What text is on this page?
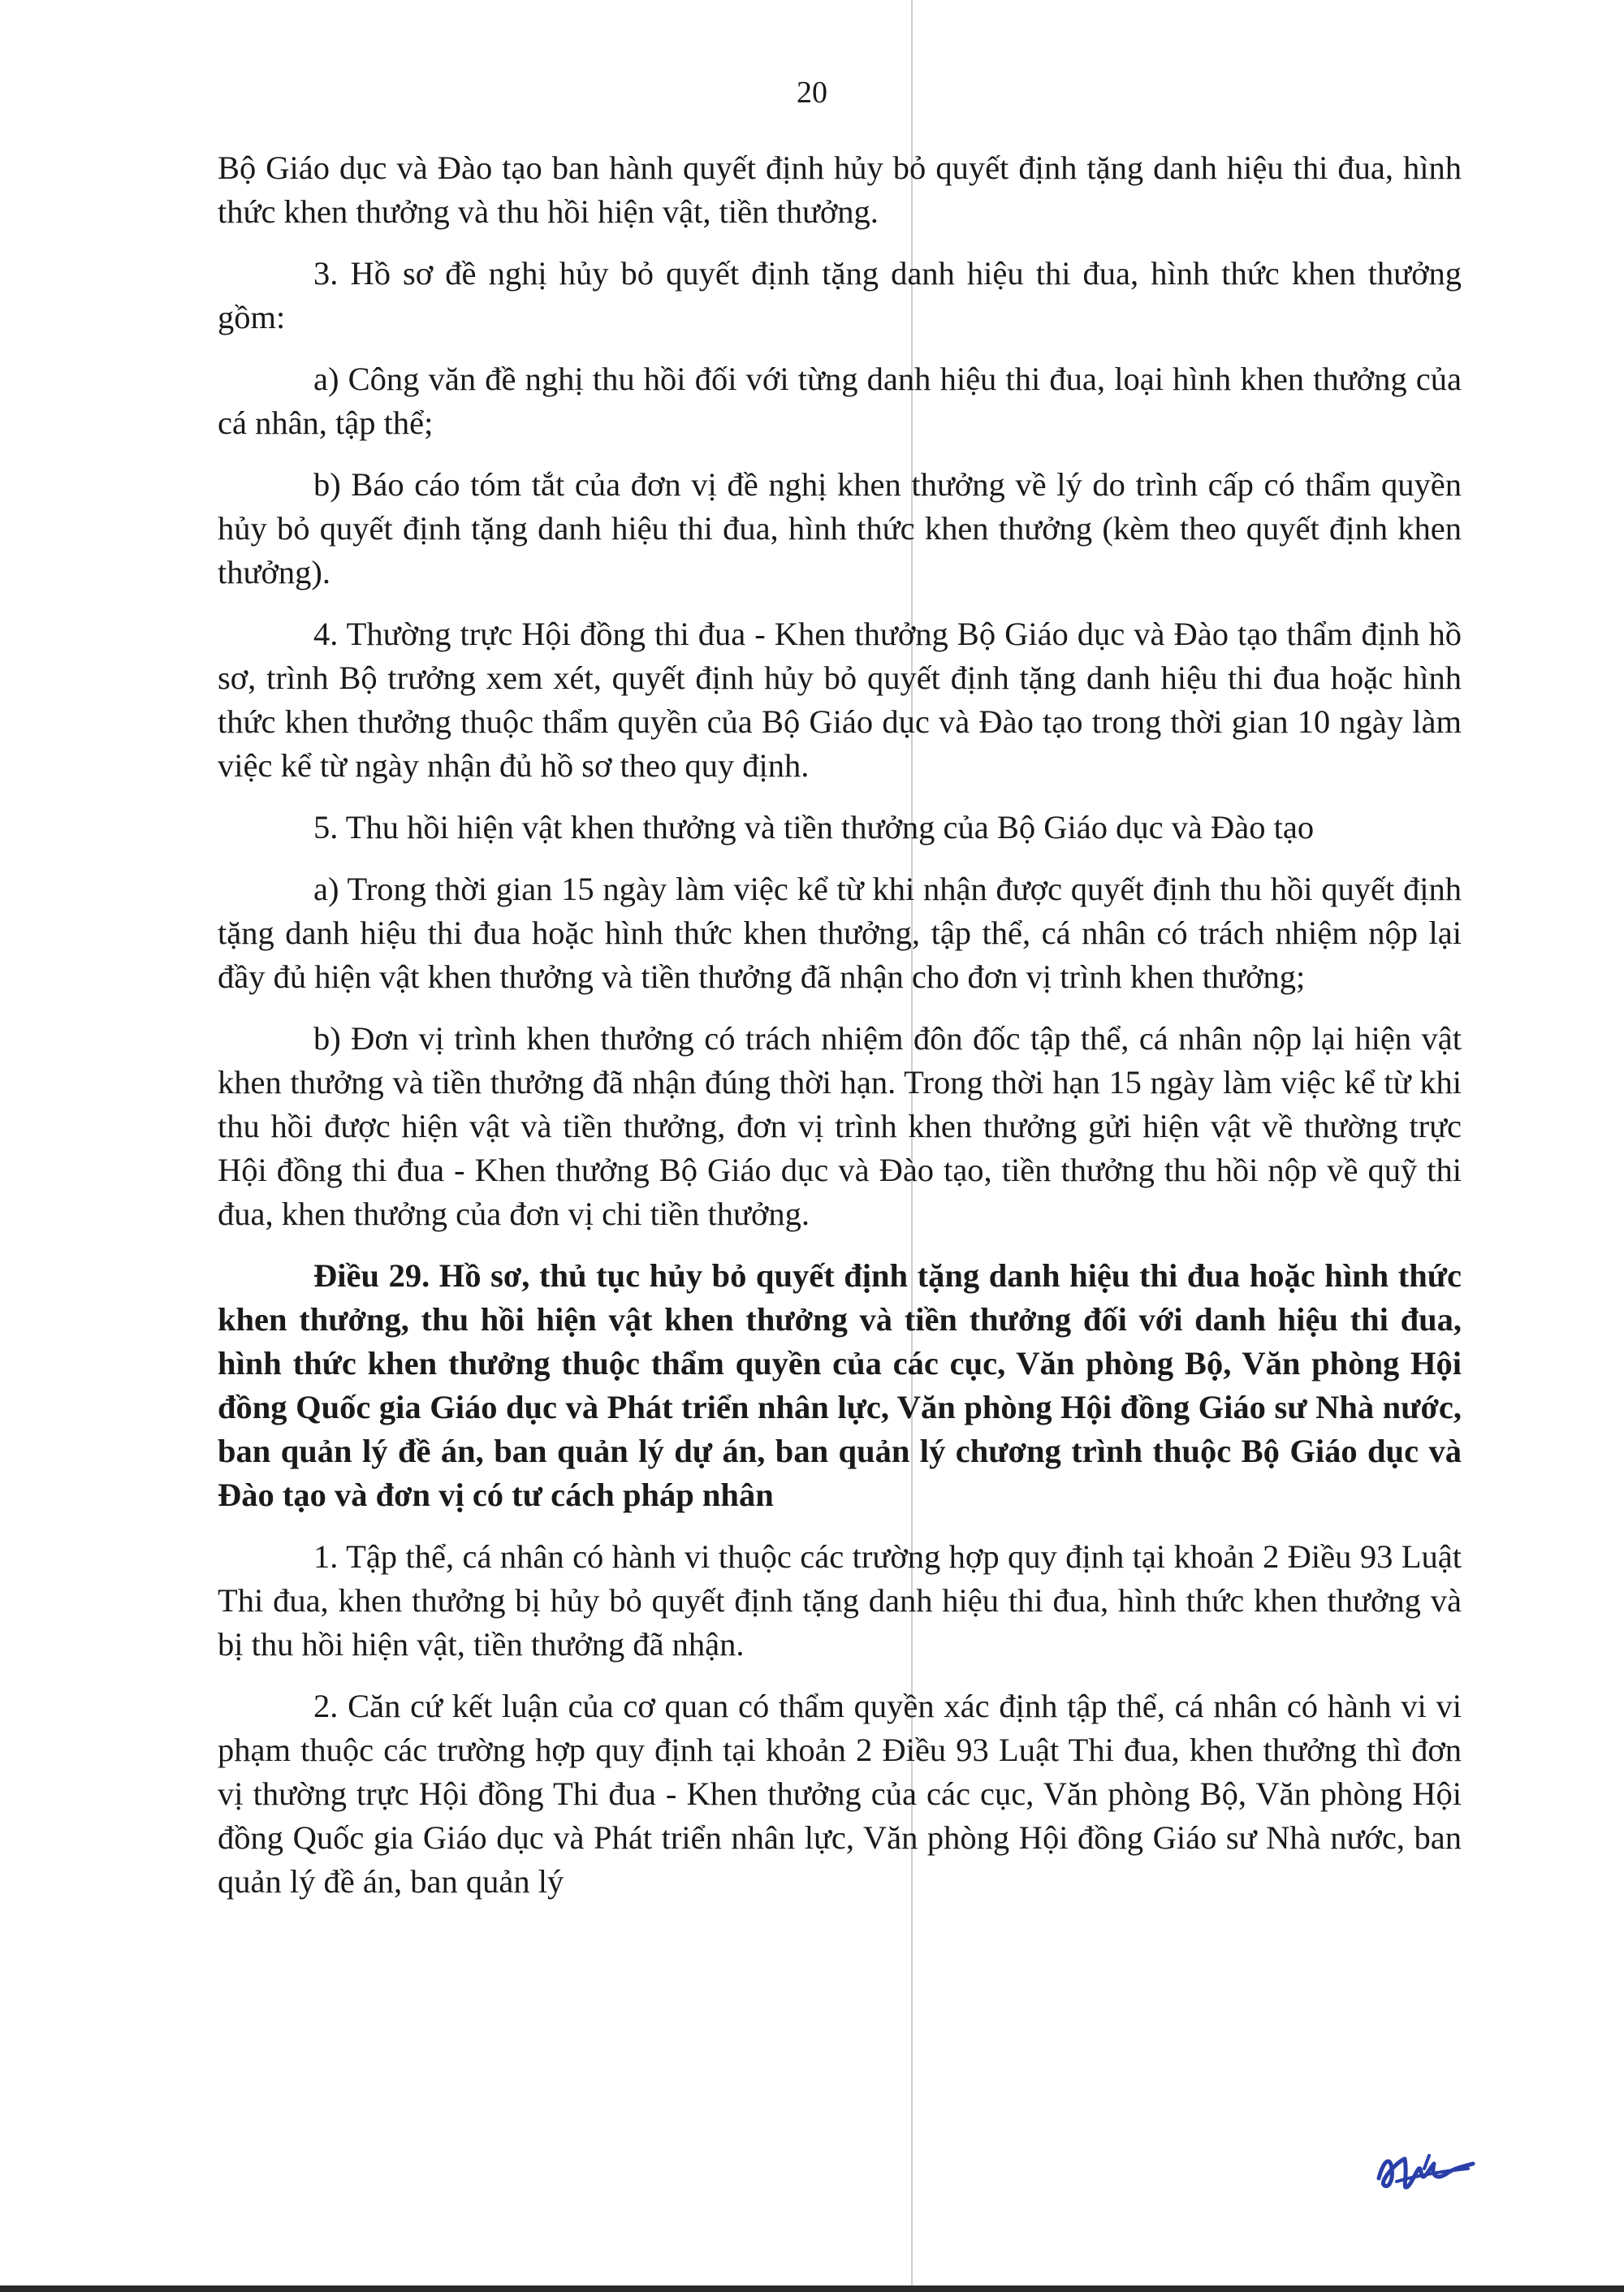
20

Bộ Giáo dục và Đào tạo ban hành quyết định hủy bỏ quyết định tặng danh hiệu thi đua, hình thức khen thưởng và thu hồi hiện vật, tiền thưởng.

3. Hồ sơ đề nghị hủy bỏ quyết định tặng danh hiệu thi đua, hình thức khen thưởng gồm:

a) Công văn đề nghị thu hồi đối với từng danh hiệu thi đua, loại hình khen thưởng của cá nhân, tập thể;

b) Báo cáo tóm tắt của đơn vị đề nghị khen thưởng về lý do trình cấp có thẩm quyền hủy bỏ quyết định tặng danh hiệu thi đua, hình thức khen thưởng (kèm theo quyết định khen thưởng).

4. Thường trực Hội đồng thi đua - Khen thưởng Bộ Giáo dục và Đào tạo thẩm định hồ sơ, trình Bộ trưởng xem xét, quyết định hủy bỏ quyết định tặng danh hiệu thi đua hoặc hình thức khen thưởng thuộc thẩm quyền của Bộ Giáo dục và Đào tạo trong thời gian 10 ngày làm việc kể từ ngày nhận đủ hồ sơ theo quy định.

5. Thu hồi hiện vật khen thưởng và tiền thưởng của Bộ Giáo dục và Đào tạo

a) Trong thời gian 15 ngày làm việc kể từ khi nhận được quyết định thu hồi quyết định tặng danh hiệu thi đua hoặc hình thức khen thưởng, tập thể, cá nhân có trách nhiệm nộp lại đầy đủ hiện vật khen thưởng và tiền thưởng đã nhận cho đơn vị trình khen thưởng;

b) Đơn vị trình khen thưởng có trách nhiệm đôn đốc tập thể, cá nhân nộp lại hiện vật khen thưởng và tiền thưởng đã nhận đúng thời hạn. Trong thời hạn 15 ngày làm việc kể từ khi thu hồi được hiện vật và tiền thưởng, đơn vị trình khen thưởng gửi hiện vật về thường trực Hội đồng thi đua - Khen thưởng Bộ Giáo dục và Đào tạo, tiền thưởng thu hồi nộp về quỹ thi đua, khen thưởng của đơn vị chi tiền thưởng.

Điều 29. Hồ sơ, thủ tục hủy bỏ quyết định tặng danh hiệu thi đua hoặc hình thức khen thưởng, thu hồi hiện vật khen thưởng và tiền thưởng đối với danh hiệu thi đua, hình thức khen thưởng thuộc thẩm quyền của các cục, Văn phòng Bộ, Văn phòng Hội đồng Quốc gia Giáo dục và Phát triển nhân lực, Văn phòng Hội đồng Giáo sư Nhà nước, ban quản lý đề án, ban quản lý dự án, ban quản lý chương trình thuộc Bộ Giáo dục và Đào tạo và đơn vị có tư cách pháp nhân

1. Tập thể, cá nhân có hành vi thuộc các trường hợp quy định tại khoản 2 Điều 93 Luật Thi đua, khen thưởng bị hủy bỏ quyết định tặng danh hiệu thi đua, hình thức khen thưởng và bị thu hồi hiện vật, tiền thưởng đã nhận.

2. Căn cứ kết luận của cơ quan có thẩm quyền xác định tập thể, cá nhân có hành vi vi phạm thuộc các trường hợp quy định tại khoản 2 Điều 93 Luật Thi đua, khen thưởng thì đơn vị thường trực Hội đồng Thi đua - Khen thưởng của các cục, Văn phòng Bộ, Văn phòng Hội đồng Quốc gia Giáo dục và Phát triển nhân lực, Văn phòng Hội đồng Giáo sư Nhà nước, ban quản lý đề án, ban quản lý
